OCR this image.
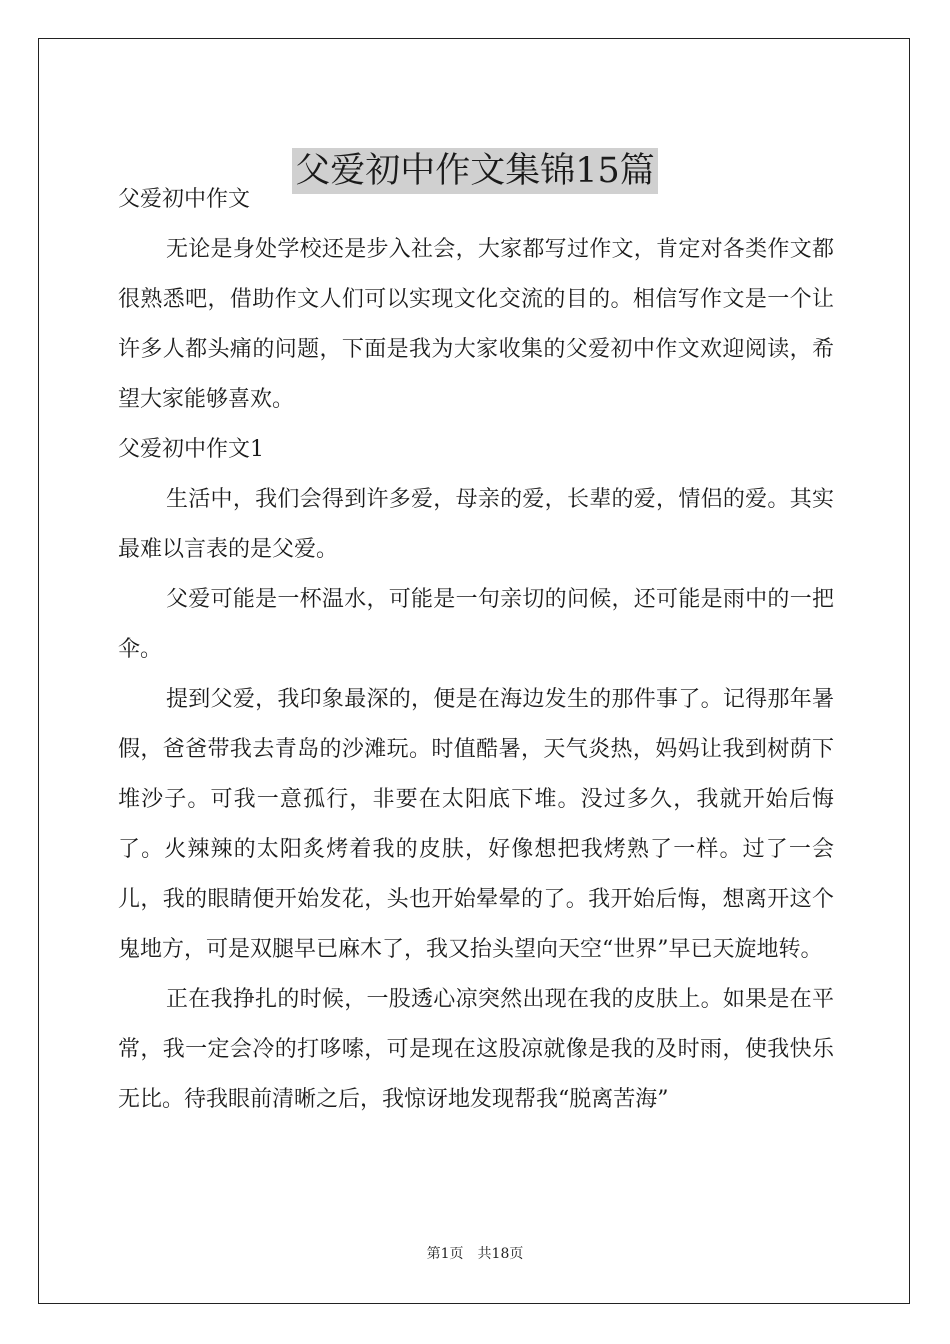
父爱初中作文集锦15篇

父爱初中作文

无论是身处学校还是步入社会，大家都写过作文，肯定对各类作文都很熟悉吧，借助作文人们可以实现文化交流的目的。相信写作文是一个让许多人都头痛的问题，下面是我为大家收集的父爱初中作文欢迎阅读，希望大家能够喜欢。

父爱初中作文1

生活中，我们会得到许多爱，母亲的爱，长辈的爱，情侣的爱。其实最难以言表的是父爱。

父爱可能是一杯温水，可能是一句亲切的问候，还可能是雨中的一把伞。

提到父爱，我印象最深的，便是在海边发生的那件事了。记得那年暑假，爸爸带我去青岛的沙滩玩。时值酷暑，天气炎热，妈妈让我到树荫下堆沙子。可我一意孤行，非要在太阳底下堆。没过多久，我就开始后悔了。火辣辣的太阳炙烤着我的皮肤，好像想把我烤熟了一样。过了一会儿，我的眼睛便开始发花，头也开始晕晕的了。我开始后悔，想离开这个鬼地方，可是双腿早已麻木了，我又抬头望向天空“世界”早已天旋地转。

正在我挣扎的时候，一股透心凉突然出现在我的皮肤上。如果是在平常，我一定会冷的打哆嗦，可是现在这股凉就像是我的及时雨，使我快乐无比。待我眼前清晰之后，我惊讶地发现帮我“脱离苦海”

第1页 共18页
